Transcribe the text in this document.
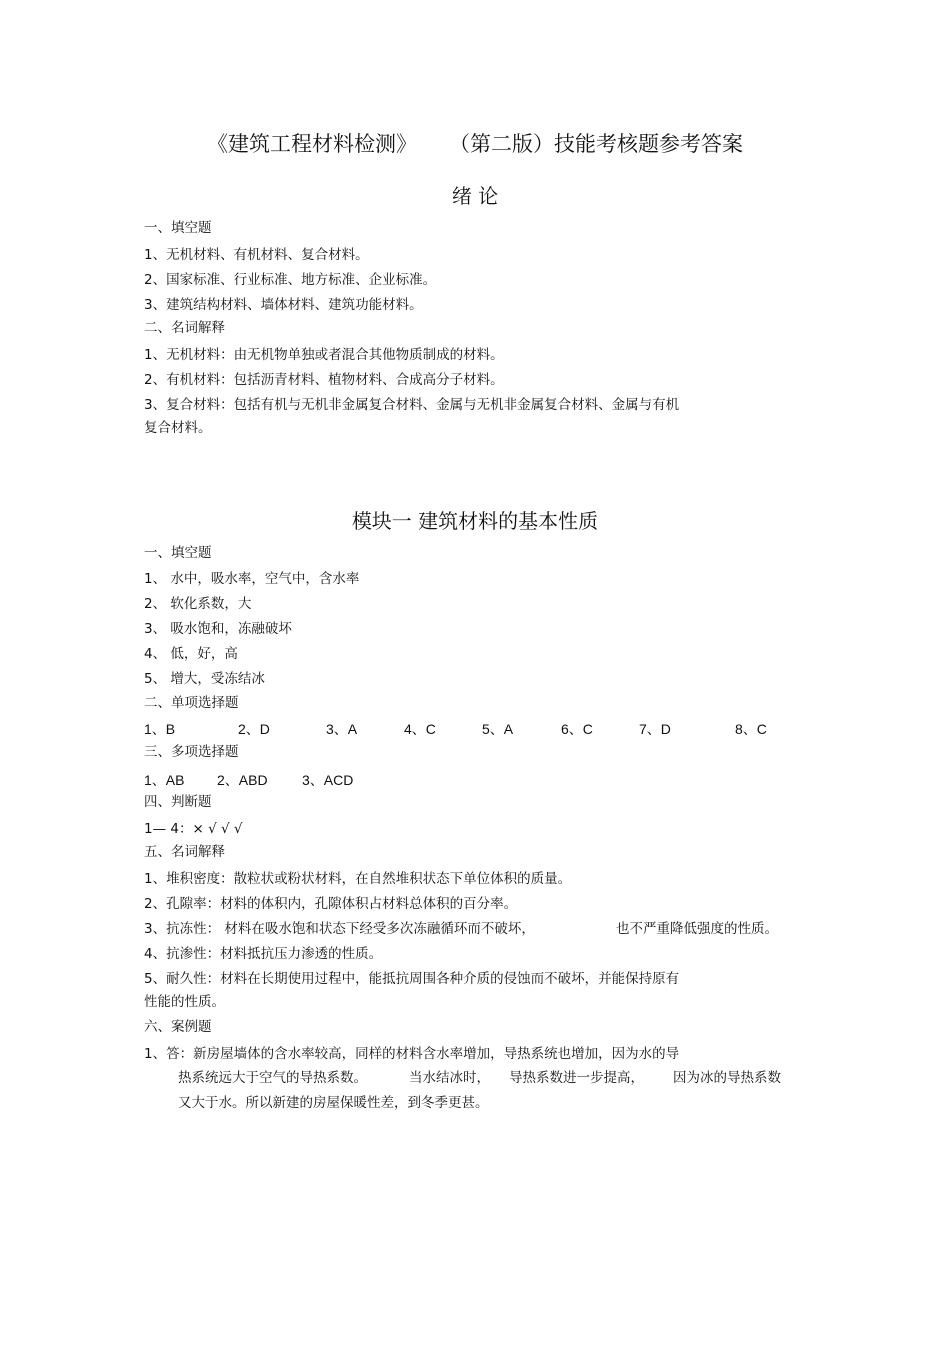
《建筑工程材料检测》 （第二版）技能考核题参考答案
绪 论
一、填空题
1、无机材料、有机材料、复合材料。
2、国家标准、行业标准、地方标准、企业标准。
3、建筑结构材料、墙体材料、建筑功能材料。
二、名词解释
1、无机材料：由无机物单独或者混合其他物质制成的材料。
2、有机材料：包括沥青材料、植物材料、合成高分子材料。
3、复合材料：包括有机与无机非金属复合材料、金属与无机非金属复合材料、金属与有机
复合材料。
模块一 建筑材料的基本性质
一、填空题
1、 水中，吸水率，空气中，含水率
2、 软化系数，大
3、 吸水饱和，冻融破坏
4、 低，好，高
5、 增大，受冻结冰
二、单项选择题
1、B	2、D	3、A	4、C	5、A	6、C	7、D	8、C
三、多项选择题
1、AB 2、ABD 3、ACD
四、判断题
1— 4：× √ √ √
五、名词解释
1、堆积密度：散粒状或粉状材料，在自然堆积状态下单位体积的质量。
2、孔隙率：材料的体积内，孔隙体积占材料总体积的百分率。
3、抗冻性： 材料在吸水饱和状态下经受多次冻融循环而不破坏，	也不严重降低强度的性质。
4、抗渗性：材料抵抗压力渗透的性质。
5、耐久性：材料在长期使用过程中，能抵抗周围各种介质的侵蚀而不破坏，并能保持原有
性能的性质。
六、案例题
1、答：新房屋墙体的含水率较高，同样的材料含水率增加，导热系统也增加，因为水的导
热系统远大于空气的导热系数。	当水结冰时， 导热系数进一步提高， 因为冰的导热系数
又大于水。所以新建的房屋保暖性差，到冬季更甚。
